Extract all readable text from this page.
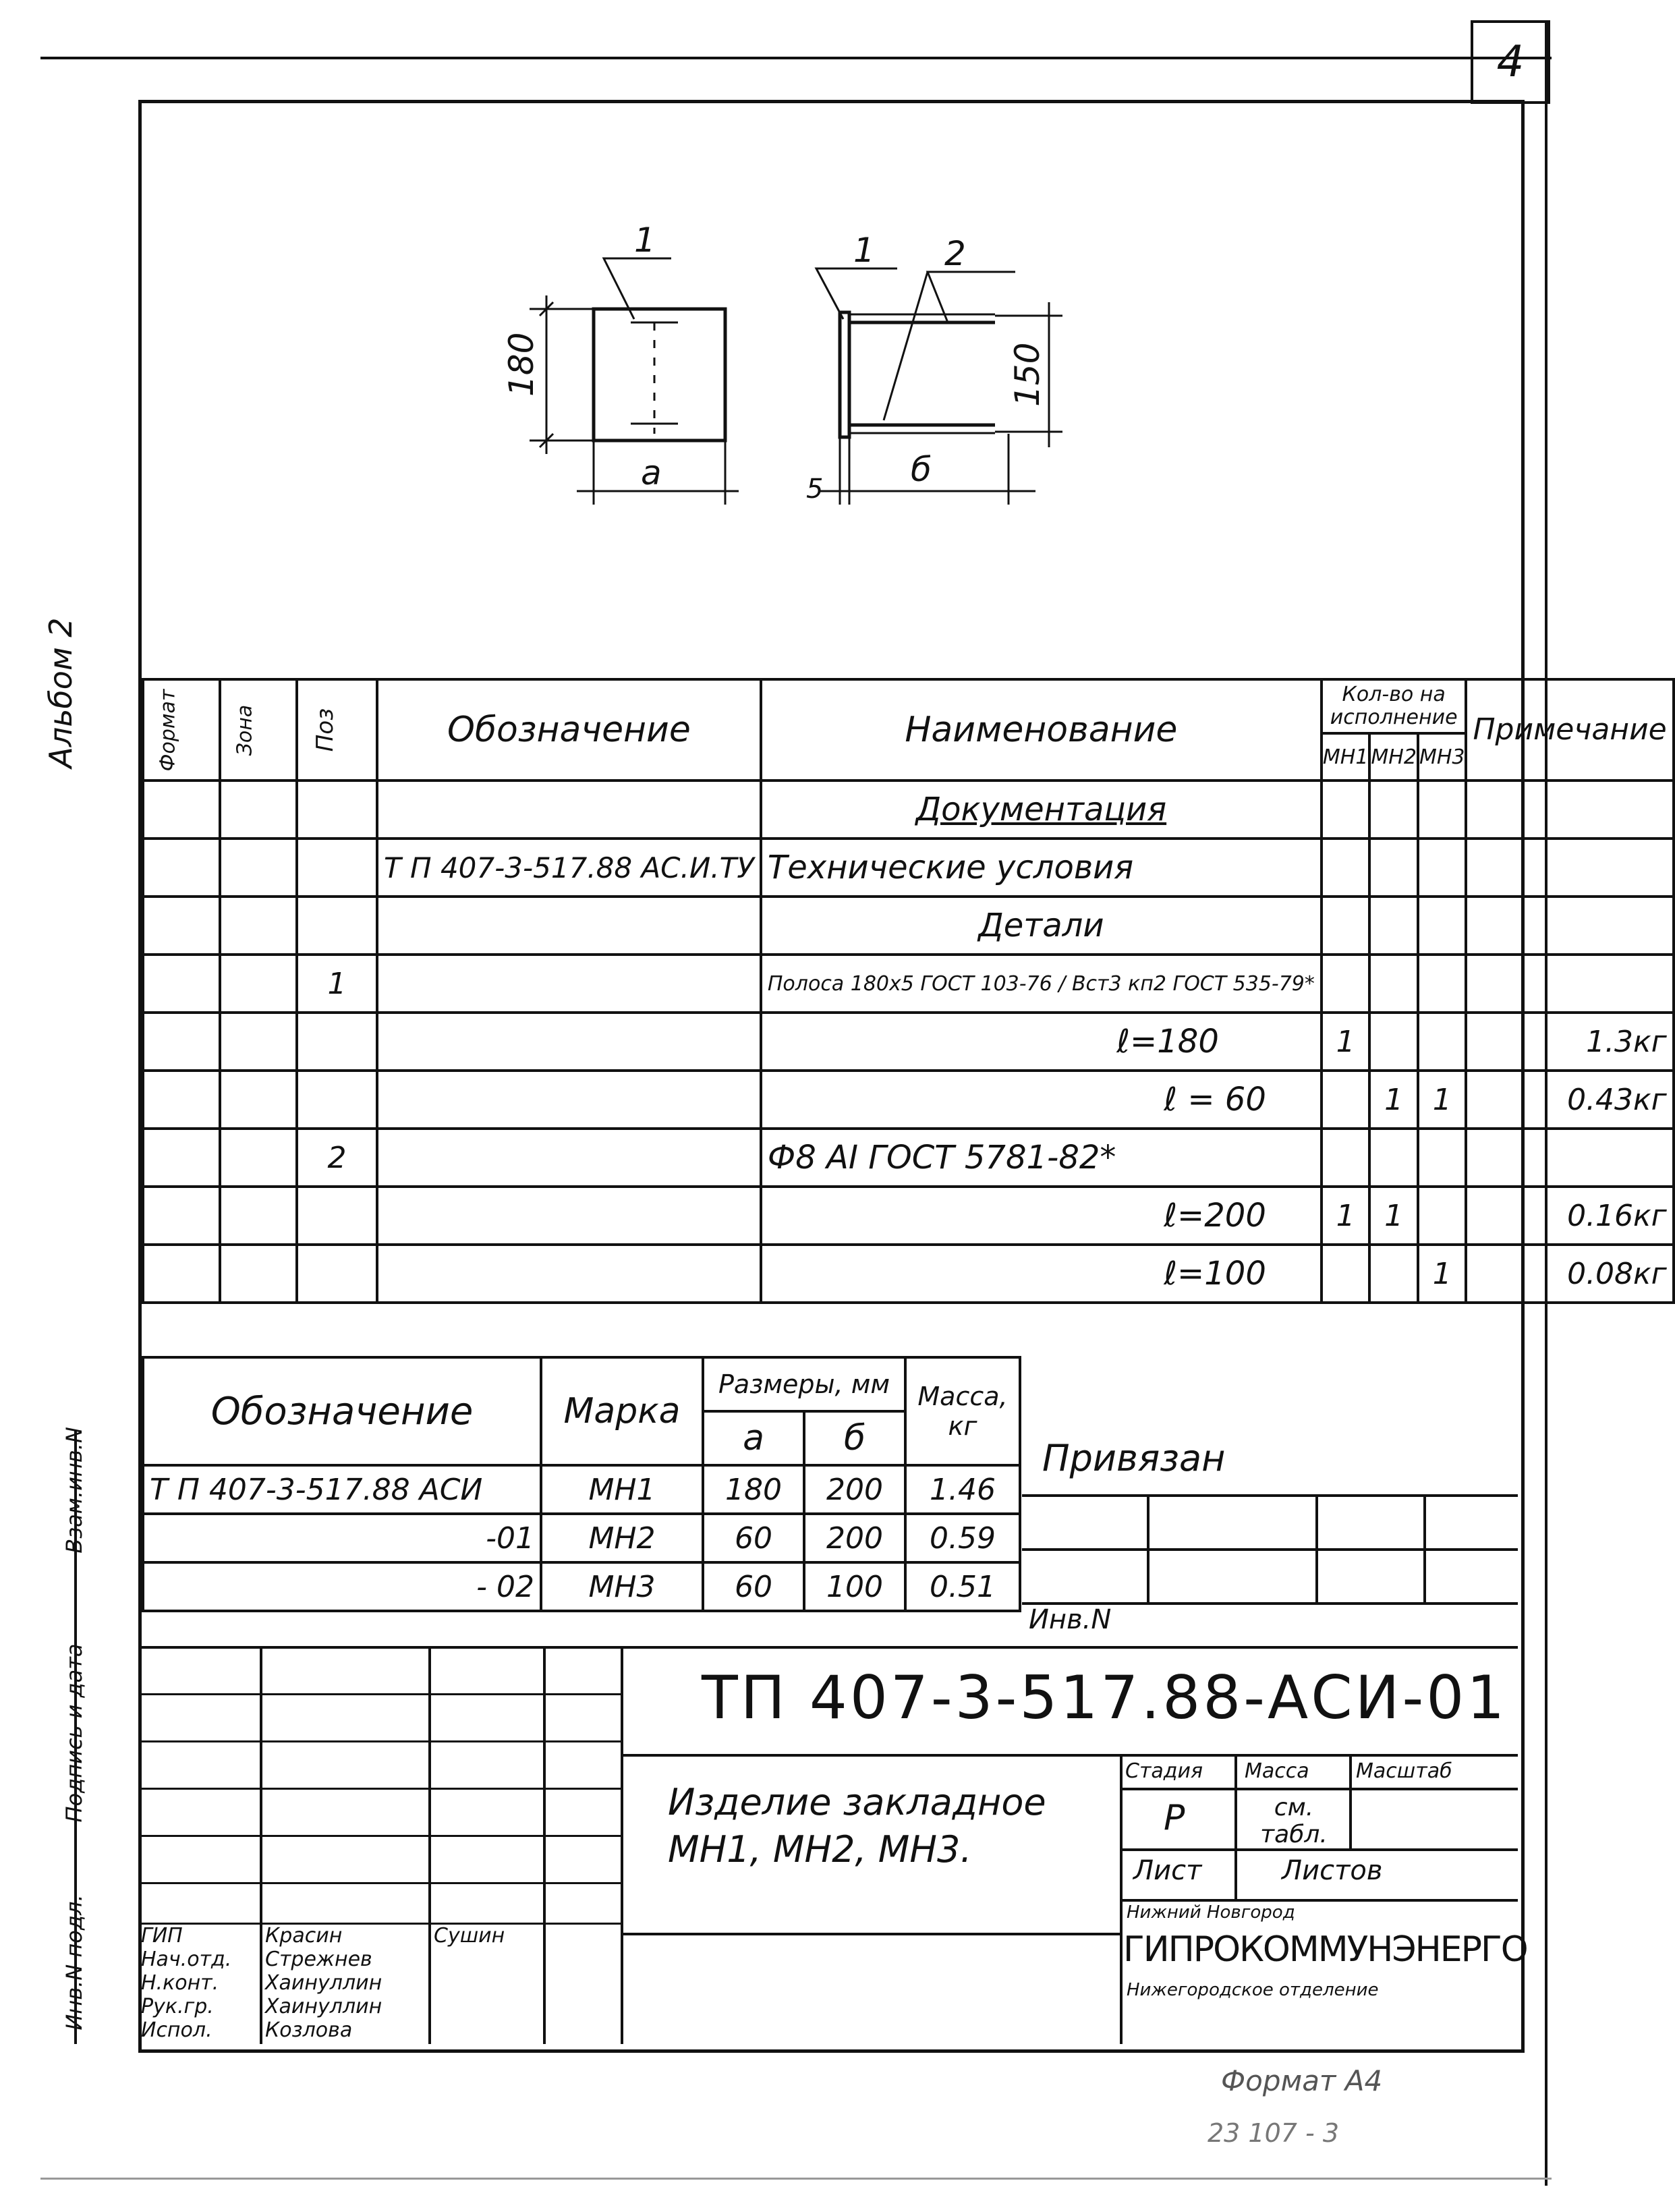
4
Альбом 2
1	1 2
180	150
а	б
5
Формат	Зона	Поз	Обозначение	Наименование	Кол-во на исполнение			Примечание
					МН1	МН2	МН3	
				Документация				
			Т П 407-3-517.88 АС.И.ТУ	Технические условия				
				Детали				
		1		Полоса 180x5 ГОСТ 103-76 / Вст3 кп2 ГОСТ 535-79*				
				ℓ=180	1			1.3кг
				ℓ = 60		1	1	0.43кг
		2		Ф8 АI ГОСТ 5781-82*				
				ℓ=200	1	1		0.16кг
				ℓ=100			1	0.08кг
Обозначение	Марка	Размеры, мм		Масса, кг
		а	б	
Т П 407-3-517.88 АСИ	МН1	180	200	1.46
-01	МН2	60	200	0.59
- 02	МН3	60	100	0.51
Привязан
Инв.N
Взам.инв.N
Подпись и дата
Инв.N подл.
ТП 407-3-517.88-АСИ-01
Изделие закладное
МН1, МН2, МН3.
Стадия Масса Масштаб
Р	см. табл.
Лист	Листов
Нижний Новгород
ГИПРОКОММУНЭНЕРГО
Нижегородское отделение
ГИП	Красин	Сушин
Нач.отд. Стрежнев
Н.конт. Хаинуллин
Рук.гр.	Хаинуллин
Испол.	Козлова
Формат А4
23 107 - 3
